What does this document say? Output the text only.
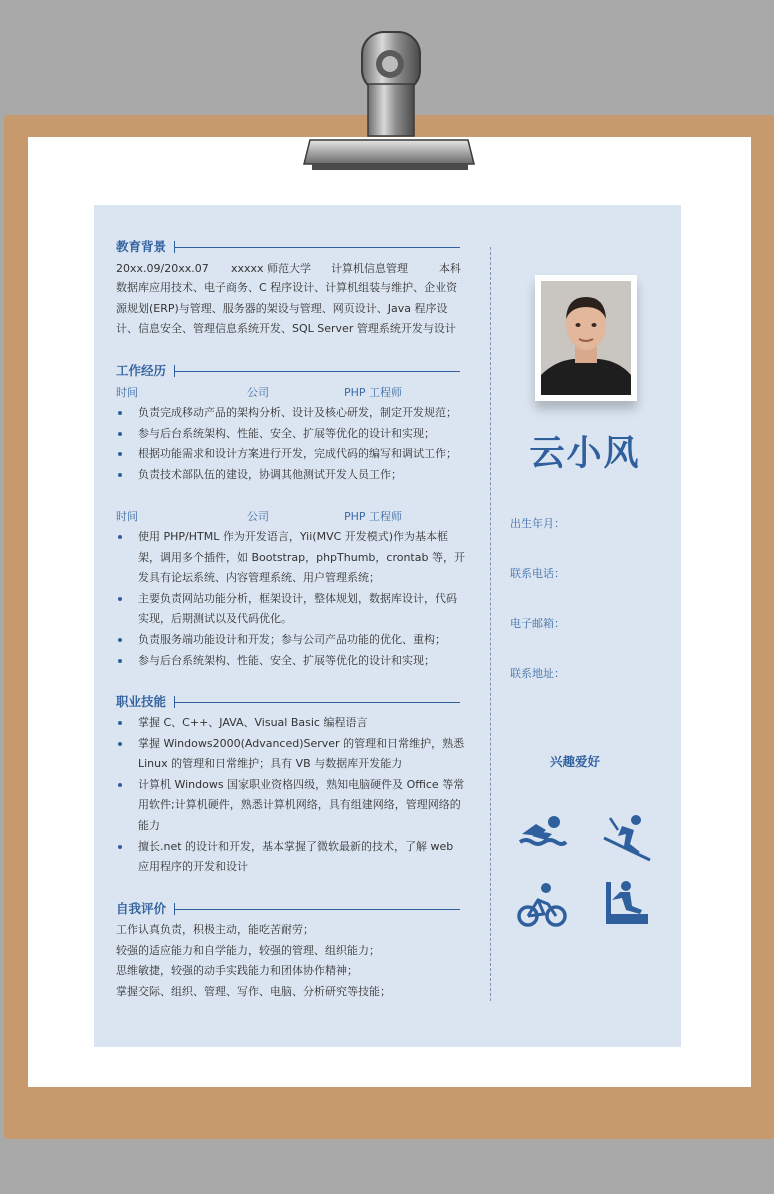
教育背景
20xx.09/20xx.07 xxxxx 师范大学 计算机信息管理	本科
数据库应用技术、电子商务、C 程序设计、计算机组装与维护、企业资源规划(ERP)与管理、服务器的架设与管理、网页设计、Java 程序设计、信息安全、管理信息系统开发、SQL Server 管理系统开发与设计
工作经历
时间	公司	PHP 工程师
负责完成移动产品的架构分析、设计及核心研发，制定开发规范；
参与后台系统架构、性能、安全、扩展等优化的设计和实现；
根据功能需求和设计方案进行开发，完成代码的编写和调试工作；
负责技术部队伍的建设，协调其他测试开发人员工作；
时间	公司	PHP 工程师
使用 PHP/HTML 作为开发语言，Yii(MVC 开发模式)作为基本框架，调用多个插件，如 Bootstrap，phpThumb，crontab 等，开发具有论坛系统、内容管理系统、用户管理系统；
主要负责网站功能分析，框架设计，整体规划，数据库设计，代码实现，后期测试以及代码优化。
负责服务端功能设计和开发；参与公司产品功能的优化、重构；
参与后台系统架构、性能、安全、扩展等优化的设计和实现；
职业技能
掌握 C、C++、JAVA、Visual Basic 编程语言
掌握 Windows2000(Advanced)Server 的管理和日常维护，熟悉 Linux 的管理和日常维护；具有 VB 与数据库开发能力
计算机 Windows 国家职业资格四级，熟知电脑硬件及 Office 等常用软件;计算机硬件，熟悉计算机网络，具有组建网络，管理网络的能力
擅长.net 的设计和开发，基本掌握了微软最新的技术，了解 web 应用程序的开发和设计
自我评价
工作认真负责，积极主动，能吃苦耐劳；
较强的适应能力和自学能力，较强的管理、组织能力；
思维敏捷，较强的动手实践能力和团体协作精神；
掌握交际、组织、管理、写作、电脑、分析研究等技能；
云小风
出生年月：
联系电话：
电子邮箱：
联系地址：
兴趣爱好
